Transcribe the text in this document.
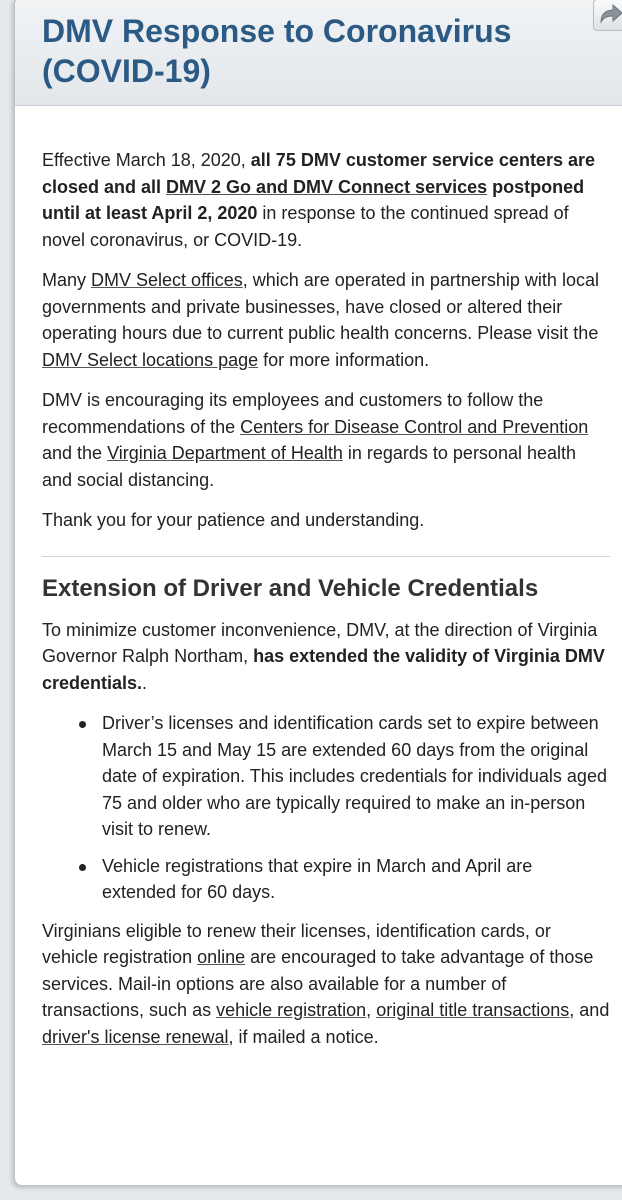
DMV Response to Coronavirus (COVID-19)

Effective March 18, 2020, all 75 DMV customer service centers are closed and all DMV 2 Go and DMV Connect services postponed until at least April 2, 2020 in response to the continued spread of novel coronavirus, or COVID-19.

Many DMV Select offices, which are operated in partnership with local governments and private businesses, have closed or altered their operating hours due to current public health concerns. Please visit the DMV Select locations page for more information.

DMV is encouraging its employees and customers to follow the recommendations of the Centers for Disease Control and Prevention and the Virginia Department of Health in regards to personal health and social distancing.

Thank you for your patience and understanding.

Extension of Driver and Vehicle Credentials

To minimize customer inconvenience, DMV, at the direction of Virginia Governor Ralph Northam, has extended the validity of Virginia DMV credentials..

Driver’s licenses and identification cards set to expire between March 15 and May 15 are extended 60 days from the original date of expiration. This includes credentials for individuals aged 75 and older who are typically required to make an in-person visit to renew.
Vehicle registrations that expire in March and April are extended for 60 days.

Virginians eligible to renew their licenses, identification cards, or vehicle registration online are encouraged to take advantage of those services. Mail-in options are also available for a number of transactions, such as vehicle registration, original title transactions, and driver's license renewal, if mailed a notice.
